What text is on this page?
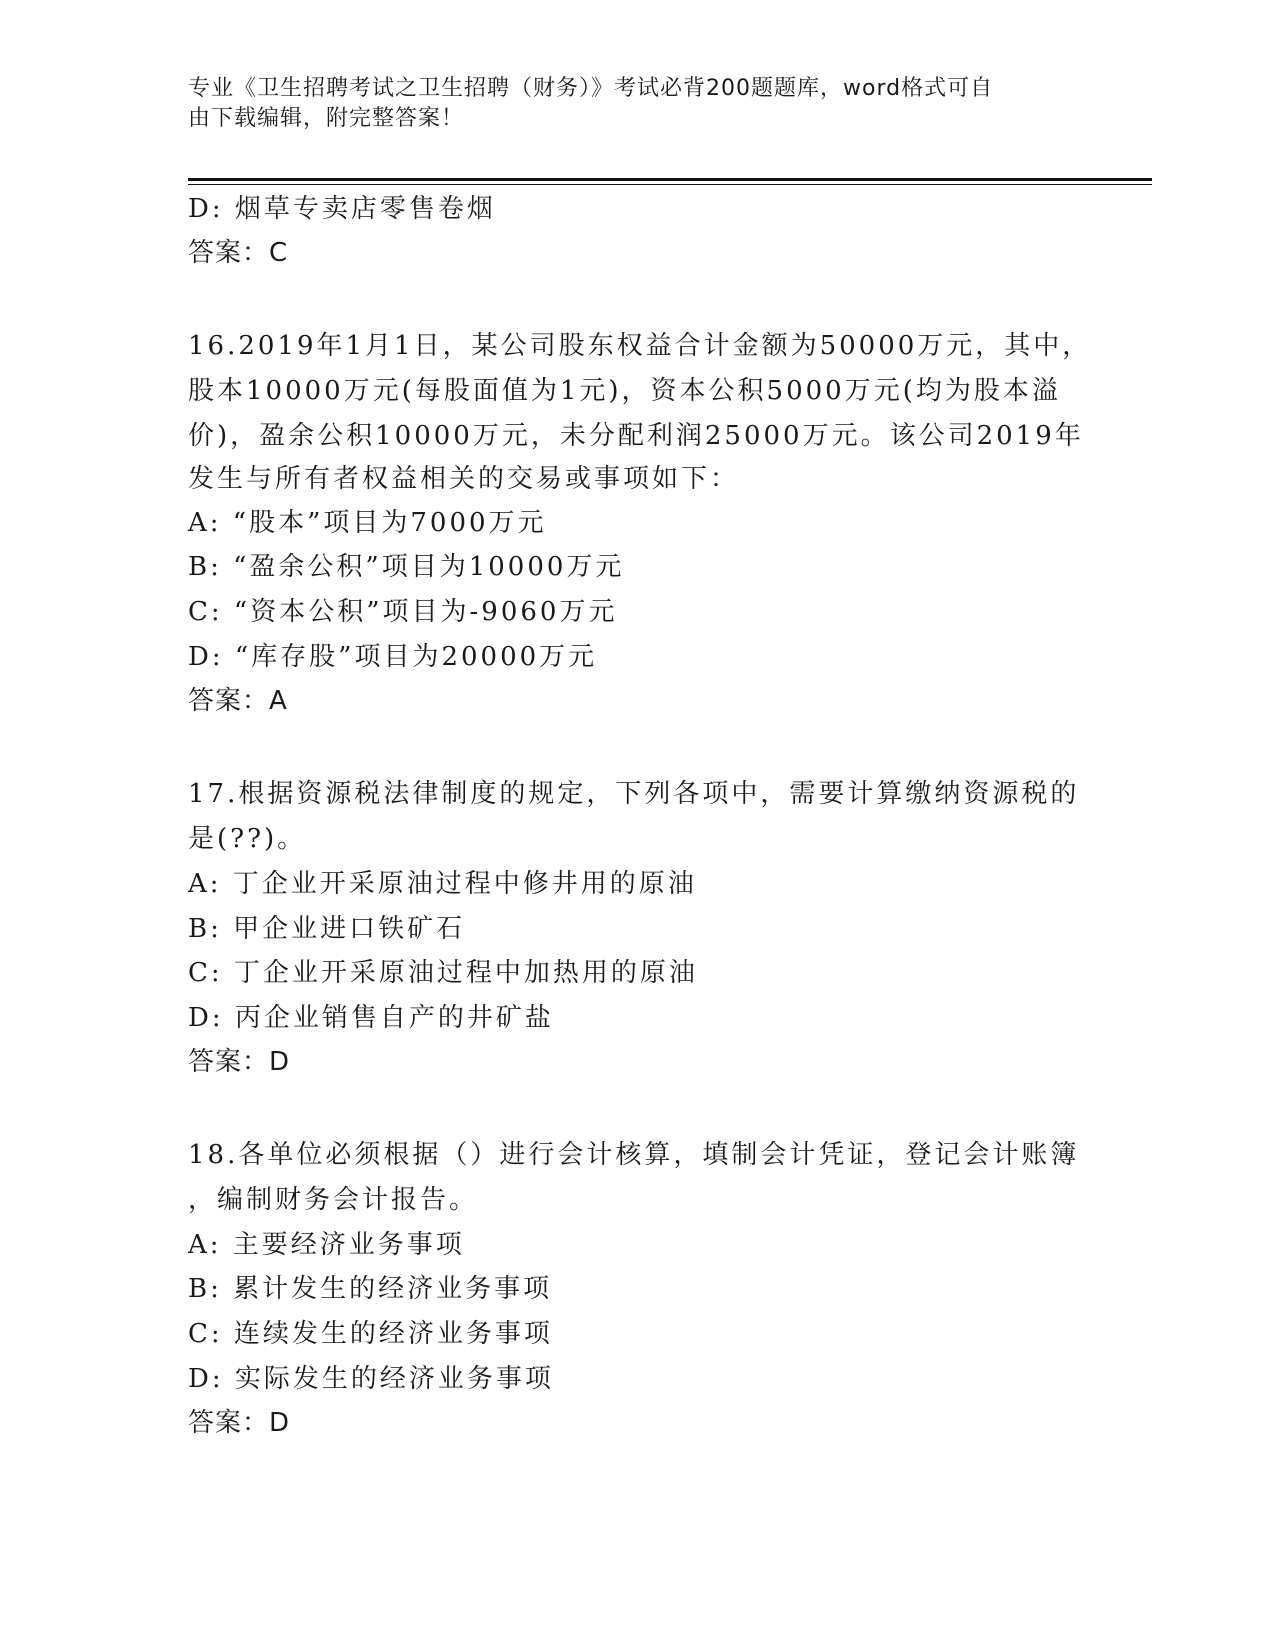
专业《卫生招聘考试之卫生招聘（财务）》考试必背200题题库，word格式可自
由下载编辑，附完整答案！
D: 烟草专卖店零售卷烟
答案：C
16.2019年1月1日，某公司股东权益合计金额为50000万元，其中，
股本10000万元(每股面值为1元)，资本公积5000万元(均为股本溢
价)，盈余公积10000万元，未分配利润25000万元。该公司2019年
发生与所有者权益相关的交易或事项如下：
A: “股本”项目为7000万元
B: “盈余公积”项目为10000万元
C: “资本公积”项目为-9060万元
D: “库存股”项目为20000万元
答案：A
17.根据资源税法律制度的规定，下列各项中，需要计算缴纳资源税的
是(??)。
A: 丁企业开采原油过程中修井用的原油
B: 甲企业进口铁矿石
C: 丁企业开采原油过程中加热用的原油
D: 丙企业销售自产的井矿盐
答案：D
18.各单位必须根据（）进行会计核算，填制会计凭证，登记会计账簿
，编制财务会计报告。
A: 主要经济业务事项
B: 累计发生的经济业务事项
C: 连续发生的经济业务事项
D: 实际发生的经济业务事项
答案：D
